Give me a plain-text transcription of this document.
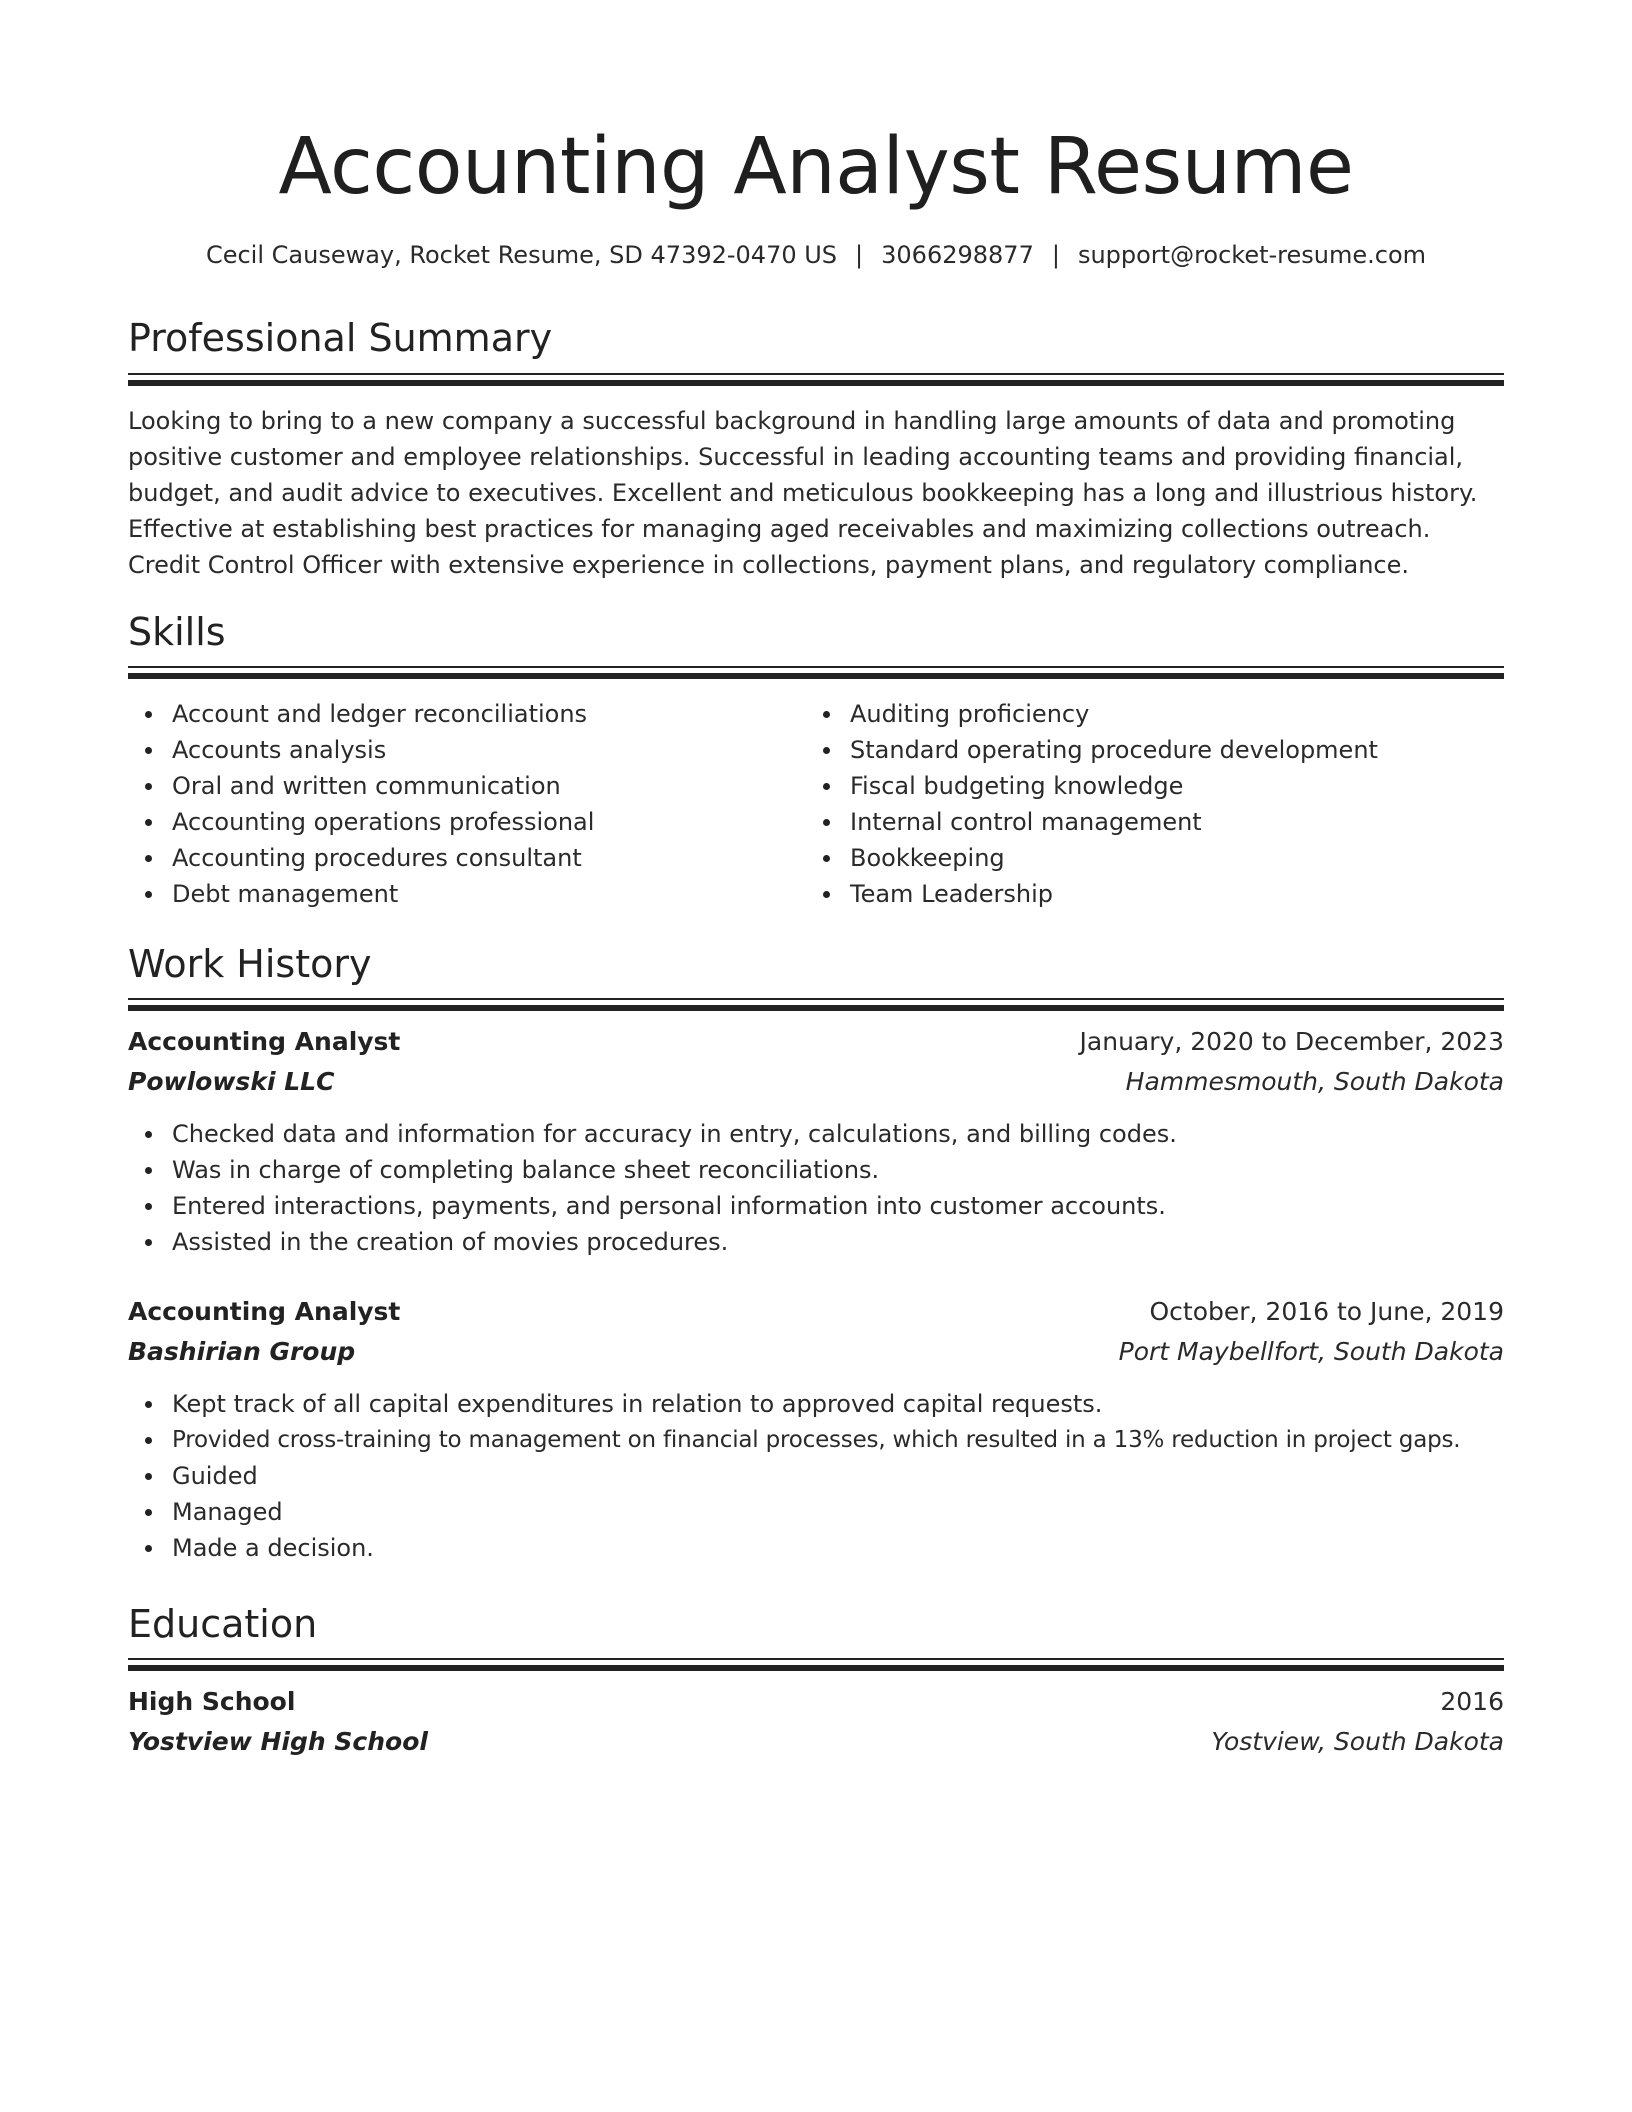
Accounting Analyst Resume
Cecil Causeway, Rocket Resume, SD 47392-0470 US | 3066298877 | support@rocket-resume.com
Professional Summary

Looking to bring to a new company a successful background in handling large amounts of data and promoting positive customer and employee relationships. Successful in leading accounting teams and providing financial, budget, and audit advice to executives. Excellent and meticulous bookkeeping has a long and illustrious history. Effective at establishing best practices for managing aged receivables and maximizing collections outreach. Credit Control Officer with extensive experience in collections, payment plans, and regulatory compliance.

Skills
Account and ledger reconciliations
Accounts analysis
Oral and written communication
Accounting operations professional
Accounting procedures consultant
Debt management
Auditing proficiency
Standard operating procedure development
Fiscal budgeting knowledge
Internal control management
Bookkeeping
Team Leadership
Work History
Accounting Analyst	January, 2020 to December, 2023
Powlowski LLC	Hammesmouth, South Dakota
Checked data and information for accuracy in entry, calculations, and billing codes.
Was in charge of completing balance sheet reconciliations.
Entered interactions, payments, and personal information into customer accounts.
Assisted in the creation of movies procedures.
Accounting Analyst	October, 2016 to June, 2019
Bashirian Group	Port Maybellfort, South Dakota
Kept track of all capital expenditures in relation to approved capital requests.
Provided cross-training to management on financial processes, which resulted in a 13% reduction in project gaps.
Guided
Managed
Made a decision.
Education
High School	2016
Yostview High School	Yostview, South Dakota
